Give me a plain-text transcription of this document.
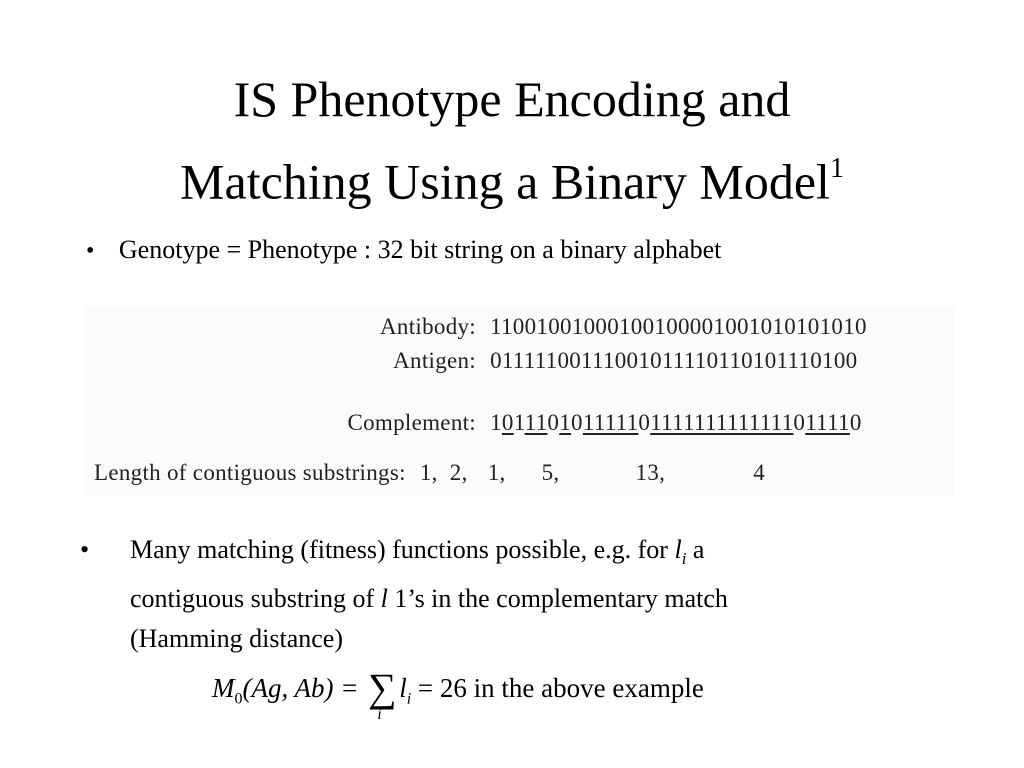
IS Phenotype Encoding and
Matching Using a Binary Model$^1$
• Genotype = Phenotype : 32 bit string on a binary alphabet
Antibody: 11001001000100100001001010101010
Antigen: 01111100111001011110110101110100
Complement: 101110101111101111111111111011110
Length of contiguous substrings: 1, 2, 1, 5,	13,	4
• Many matching (fitness) functions possible, e.g. for $l_i$ a
contiguous substring of l 1’s in the complementary match
(Hamming distance)
$M_0(Ag$, Ab) = ∑
i
$l_i = 26$ in the above example
